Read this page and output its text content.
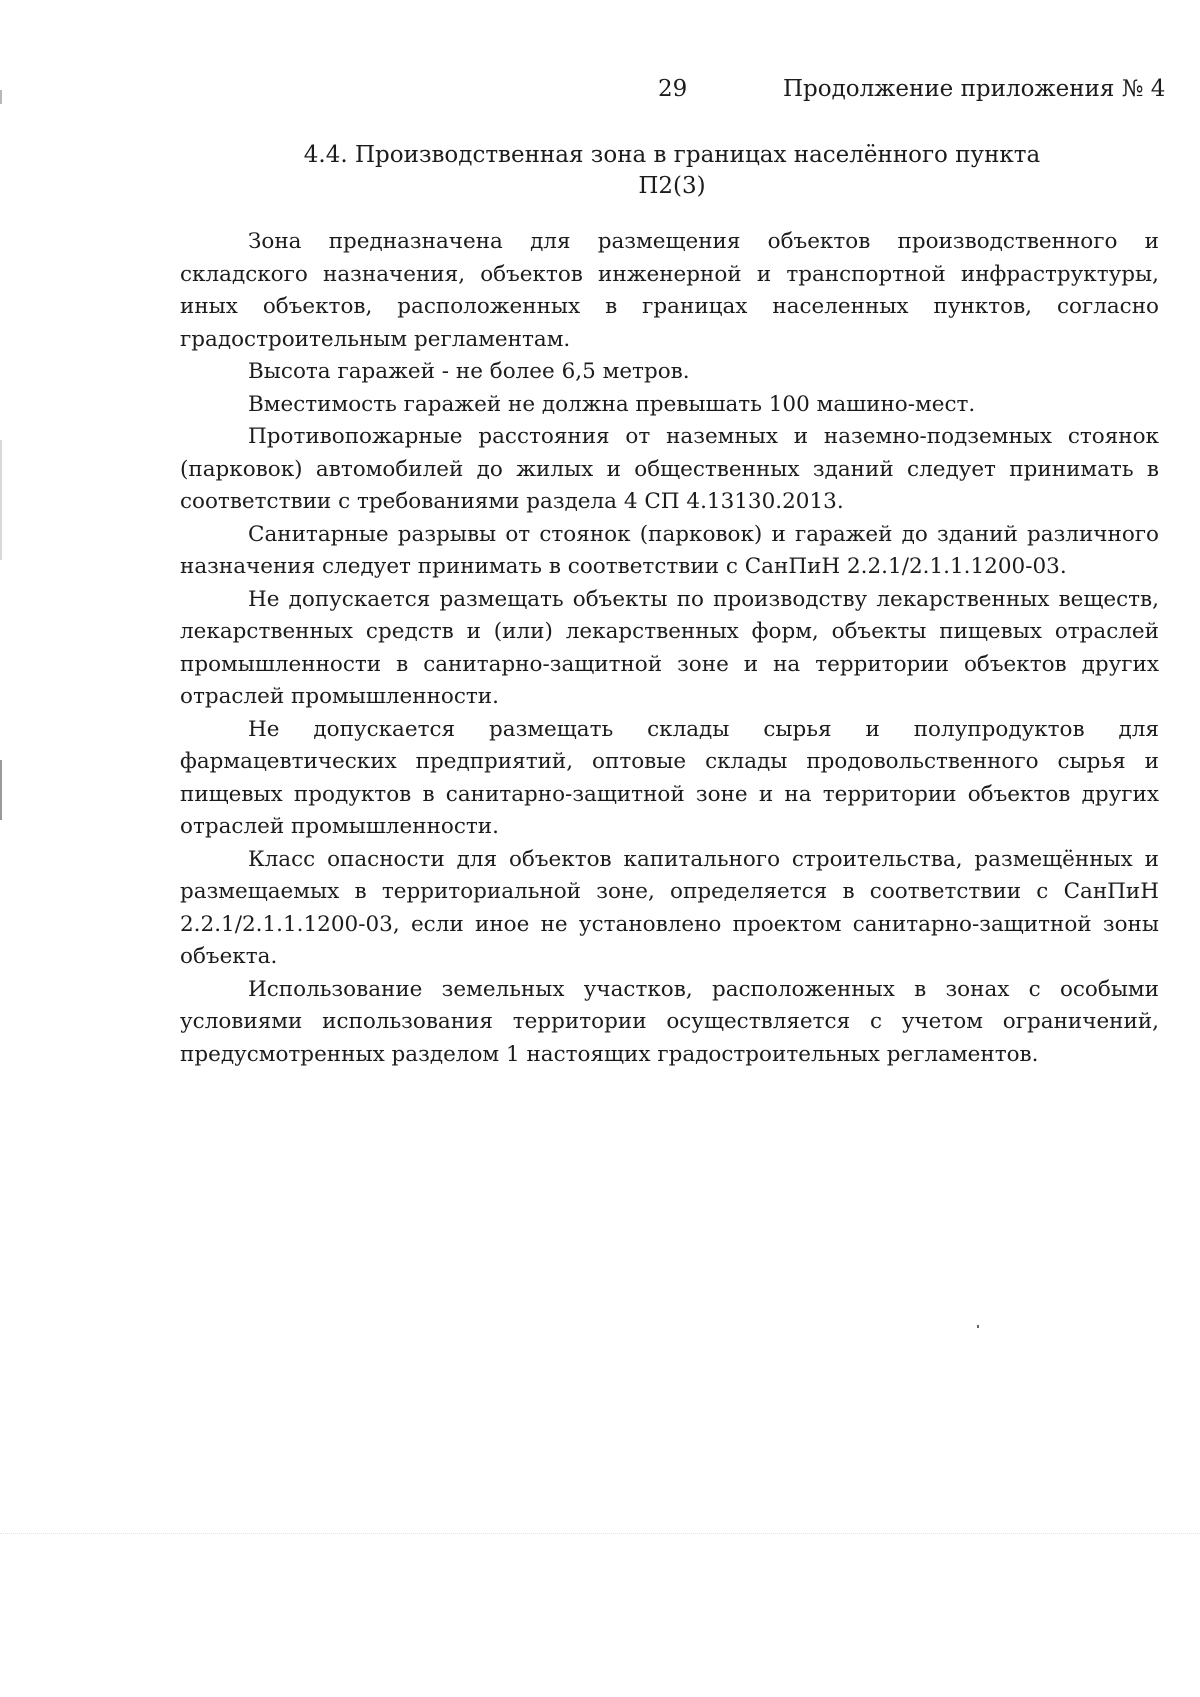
29	Продолжение приложения № 4
4.4. Производственная зона в границах населённого пункта
П2(3)

Зона предназначена для размещения объектов производственного и складского назначения, объектов инженерной и транспортной инфраструктуры, иных объектов, расположенных в границах населенных пунктов, согласно градостроительным регламентам.

Высота гаражей - не более 6,5 метров.

Вместимость гаражей не должна превышать 100 машино-мест.

Противопожарные расстояния от наземных и наземно-подземных стоянок (парковок) автомобилей до жилых и общественных зданий следует принимать в соответствии с требованиями раздела 4 СП 4.13130.2013.

Санитарные разрывы от стоянок (парковок) и гаражей до зданий различного назначения следует принимать в соответствии с СанПиН 2.2.1/2.1.1.1200-03.

Не допускается размещать объекты по производству лекарственных веществ, лекарственных средств и (или) лекарственных форм, объекты пищевых отраслей промышленности в санитарно-защитной зоне и на территории объектов других отраслей промышленности.

Не допускается размещать склады сырья и полупродуктов для фармацевтических предприятий, оптовые склады продовольственного сырья и пищевых продуктов в санитарно-защитной зоне и на территории объектов других отраслей промышленности.

Класс опасности для объектов капитального строительства, размещённых и размещаемых в территориальной зоне, определяется в соответствии с СанПиН 2.2.1/2.1.1.1200-03, если иное не установлено проектом санитарно-защитной зоны объекта.

Использование земельных участков, расположенных в зонах с особыми условиями использования территории осуществляется с учетом ограничений, предусмотренных разделом 1 настоящих градостроительных регламентов.
